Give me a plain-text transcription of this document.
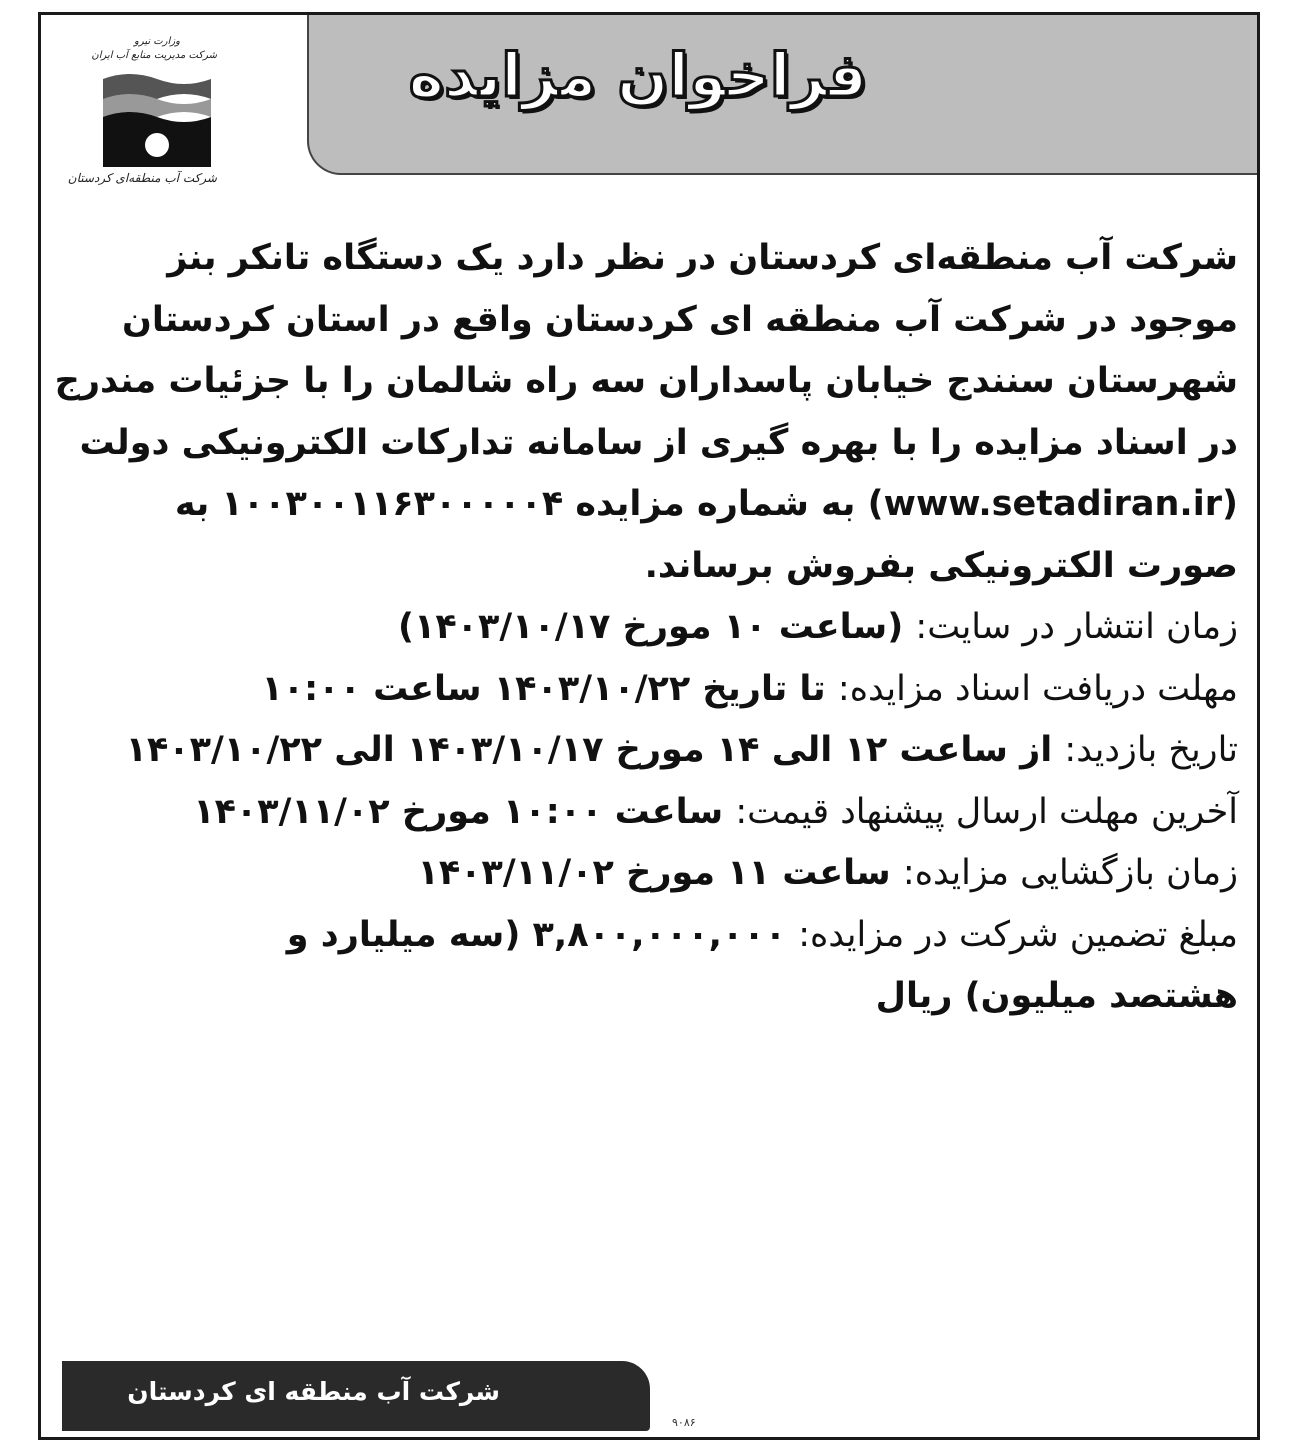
فراخوان مزایده
وزارت نیرو
شرکت مدیریت منابع آب ایران
شرکت آب منطقه‌ای کردستان
شرکت آب منطقه‌ای کردستان در نظر دارد یک دستگاه تانکر بنز
موجود در شرکت آب منطقه ای کردستان واقع در استان کردستان
شهرستان سنندج خیابان پاسداران سه راه شالمان را با جزئیات مندرج
در اسناد مزایده را با بهره گیری از سامانه تدارکات الکترونیکی دولت
(www.setadiran.ir) به شماره مزایده ۱۰۰۳۰۰۱۱۶۳۰۰۰۰۰۴ به
صورت الکترونیکی بفروش برساند.
زمان انتشار در سایت: (ساعت ۱۰ مورخ ۱۴۰۳/۱۰/۱۷)
مهلت دریافت اسناد مزایده: تا تاریخ ۱۴۰۳/۱۰/۲۲ ساعت ۱۰:۰۰
تاریخ بازدید: از ساعت ۱۲ الی ۱۴ مورخ ۱۴۰۳/۱۰/۱۷ الی ۱۴۰۳/۱۰/۲۲
آخرین مهلت ارسال پیشنهاد قیمت: ساعت ۱۰:۰۰ مورخ ۱۴۰۳/۱۱/۰۲
زمان بازگشایی مزایده: ساعت ۱۱ مورخ ۱۴۰۳/۱۱/۰۲
مبلغ تضمین شرکت در مزایده: ۳,۸۰۰,۰۰۰,۰۰۰ (سه میلیارد و
هشتصد میلیون) ریال
شرکت آب منطقه ای کردستان
۹۰۸۶
